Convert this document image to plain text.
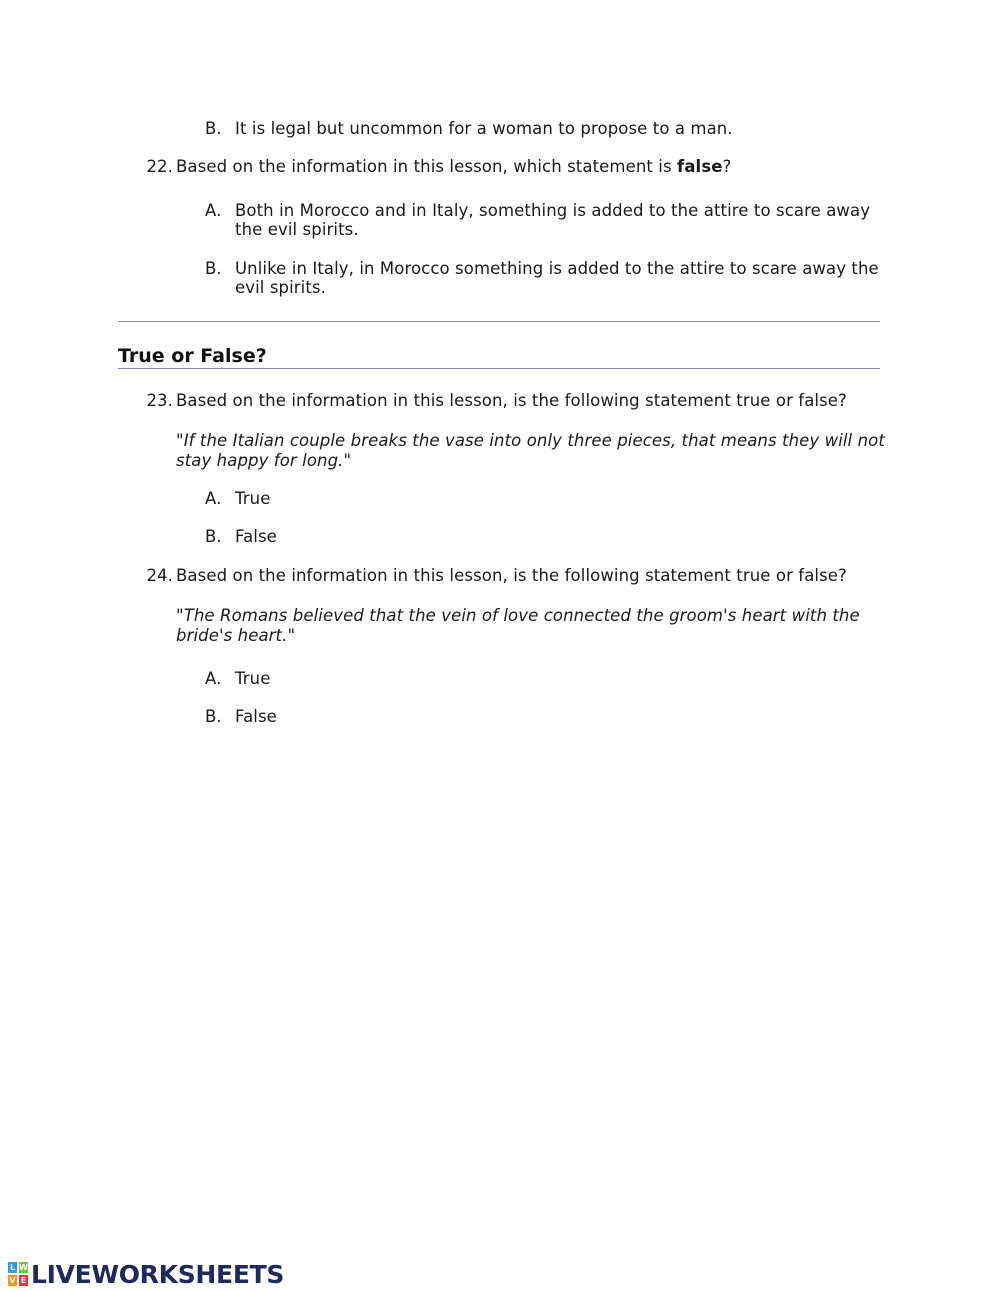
B. It is legal but uncommon for a woman to propose to a man.
22. Based on the information in this lesson, which statement is false?
A. Both in Morocco and in Italy, something is added to the attire to scare away
the evil spirits.
B. Unlike in Italy, in Morocco something is added to the attire to scare away the
evil spirits.
True or False?
23. Based on the information in this lesson, is the following statement true or false?
"If the Italian couple breaks the vase into only three pieces, that means they will not
stay happy for long."
A. True
B. False
24. Based on the information in this lesson, is the following statement true or false?
"The Romans believed that the vein of love connected the groom's heart with the
bride's heart."
A. True
B. False
L W
V E LIVEWORKSHEETS
